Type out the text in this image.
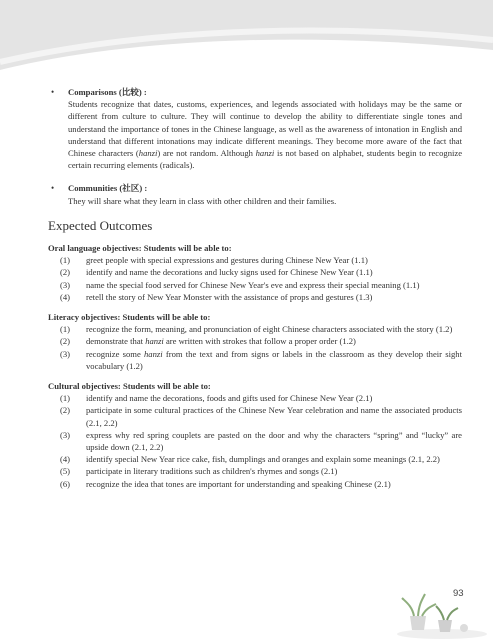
• Comparisons (比较) :
Students recognize that dates, customs, experiences, and legends associated with holidays may be the same or different from culture to culture. They will continue to develop the ability to differentiate single tones and understand the importance of tones in the Chinese language, as well as the awareness of intonation in English and understand that different intonations may indicate different meanings. They become more aware of the fact that Chinese characters (hanzi) are not random. Although hanzi is not based on alphabet, students begin to recognize certain recurring elements (radicals).
• Communities (社区) :
They will share what they learn in class with other children and their families.
Expected Outcomes
Oral language objectives: Students will be able to:
(1) greet people with special expressions and gestures during Chinese New Year (1.1)
(2) identify and name the decorations and lucky signs used for Chinese New Year (1.1)
(3) name the special food served for Chinese New Year's eve and express their special meaning (1.1)
(4) retell the story of New Year Monster with the assistance of props and gestures (1.3)
Literacy objectives: Students will be able to:
(1) recognize the form, meaning, and pronunciation of eight Chinese characters associated with the story (1.2)
(2) demonstrate that hanzi are written with strokes that follow a proper order (1.2)
(3) recognize some hanzi from the text and from signs or labels in the classroom as they develop their sight vocabulary (1.2)
Cultural objectives: Students will be able to:
(1) identify and name the decorations, foods and gifts used for Chinese New Year (2.1)
(2) participate in some cultural practices of the Chinese New Year celebration and name the associated products (2.1, 2.2)
(3) express why red spring couplets are pasted on the door and why the characters “spring” and “lucky” are upside down (2.1, 2.2)
(4) identify special New Year rice cake, fish, dumplings and oranges and explain some meanings (2.1, 2.2)
(5) participate in literary traditions such as children's rhymes and songs (2.1)
(6) recognize the idea that tones are important for understanding and speaking Chinese (2.1)
93
